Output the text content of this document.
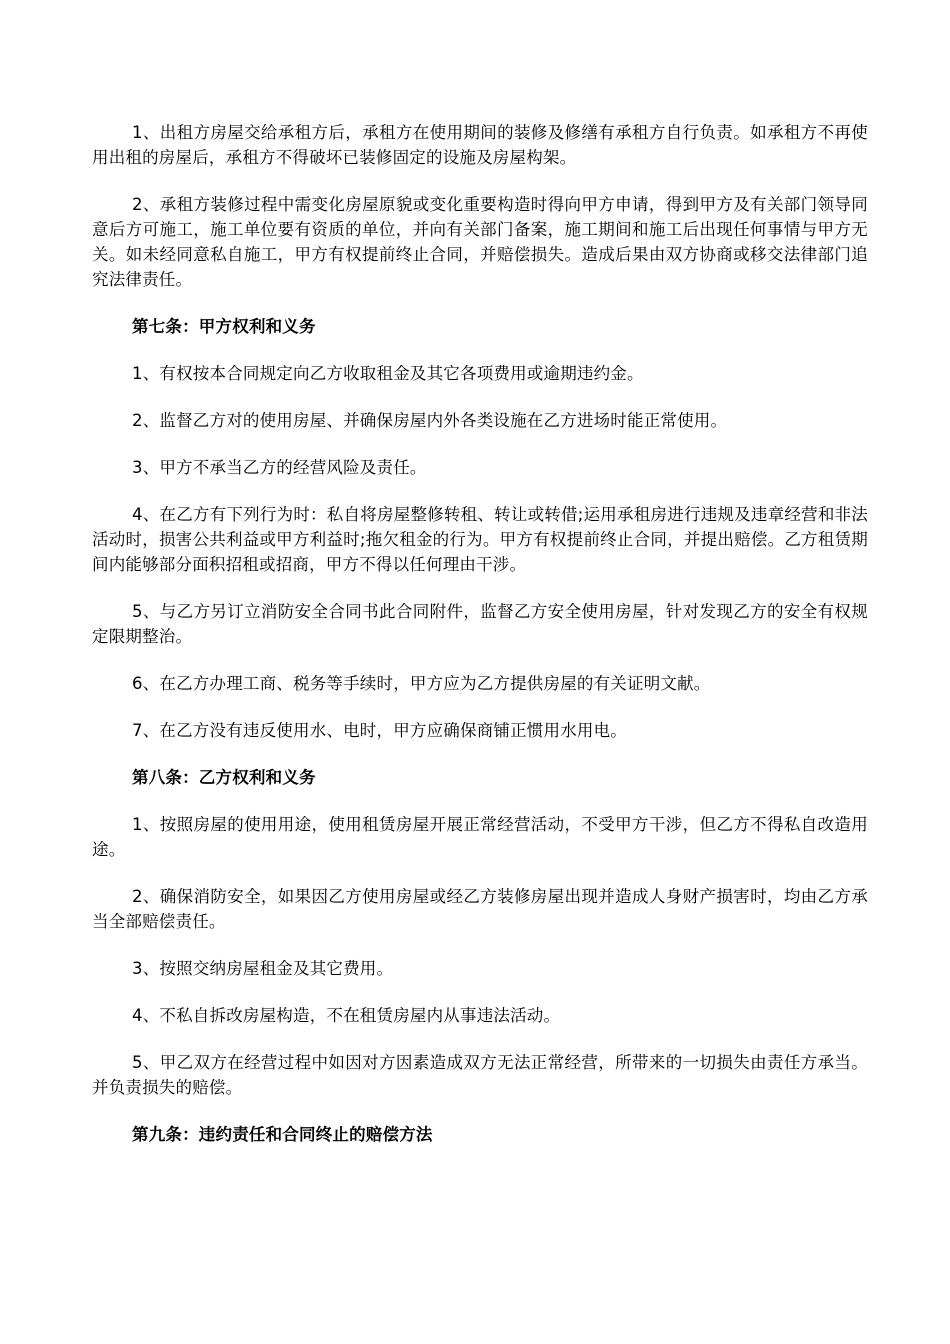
1、出租方房屋交给承租方后，承租方在使用期间的装修及修缮有承租方自行负责。如承租方不再使用出租的房屋后，承租方不得破坏已装修固定的设施及房屋构架。

2、承租方装修过程中需变化房屋原貌或变化重要构造时得向甲方申请，得到甲方及有关部门领导同意后方可施工，施工单位要有资质的单位，并向有关部门备案，施工期间和施工后出现任何事情与甲方无关。如未经同意私自施工，甲方有权提前终止合同，并赔偿损失。造成后果由双方协商或移交法律部门追究法律责任。

第七条：甲方权利和义务

1、有权按本合同规定向乙方收取租金及其它各项费用或逾期违约金。

2、监督乙方对的使用房屋、并确保房屋内外各类设施在乙方进场时能正常使用。

3、甲方不承当乙方的经营风险及责任。

4、在乙方有下列行为时：私自将房屋整修转租、转让或转借;运用承租房进行违规及违章经营和非法活动时，损害公共利益或甲方利益时;拖欠租金的行为。甲方有权提前终止合同，并提出赔偿。乙方租赁期间内能够部分面积招租或招商，甲方不得以任何理由干涉。

5、与乙方另订立消防安全合同书此合同附件，监督乙方安全使用房屋，针对发现乙方的安全有权规定限期整治。

6、在乙方办理工商、税务等手续时，甲方应为乙方提供房屋的有关证明文献。

7、在乙方没有违反使用水、电时，甲方应确保商铺正惯用水用电。

第八条：乙方权利和义务

1、按照房屋的使用用途，使用租赁房屋开展正常经营活动，不受甲方干涉，但乙方不得私自改造用途。

2、确保消防安全，如果因乙方使用房屋或经乙方装修房屋出现并造成人身财产损害时，均由乙方承当全部赔偿责任。

3、按照交纳房屋租金及其它费用。

4、不私自拆改房屋构造，不在租赁房屋内从事违法活动。

5、甲乙双方在经营过程中如因对方因素造成双方无法正常经营，所带来的一切损失由责任方承当。并负责损失的赔偿。

第九条：违约责任和合同终止的赔偿方法
